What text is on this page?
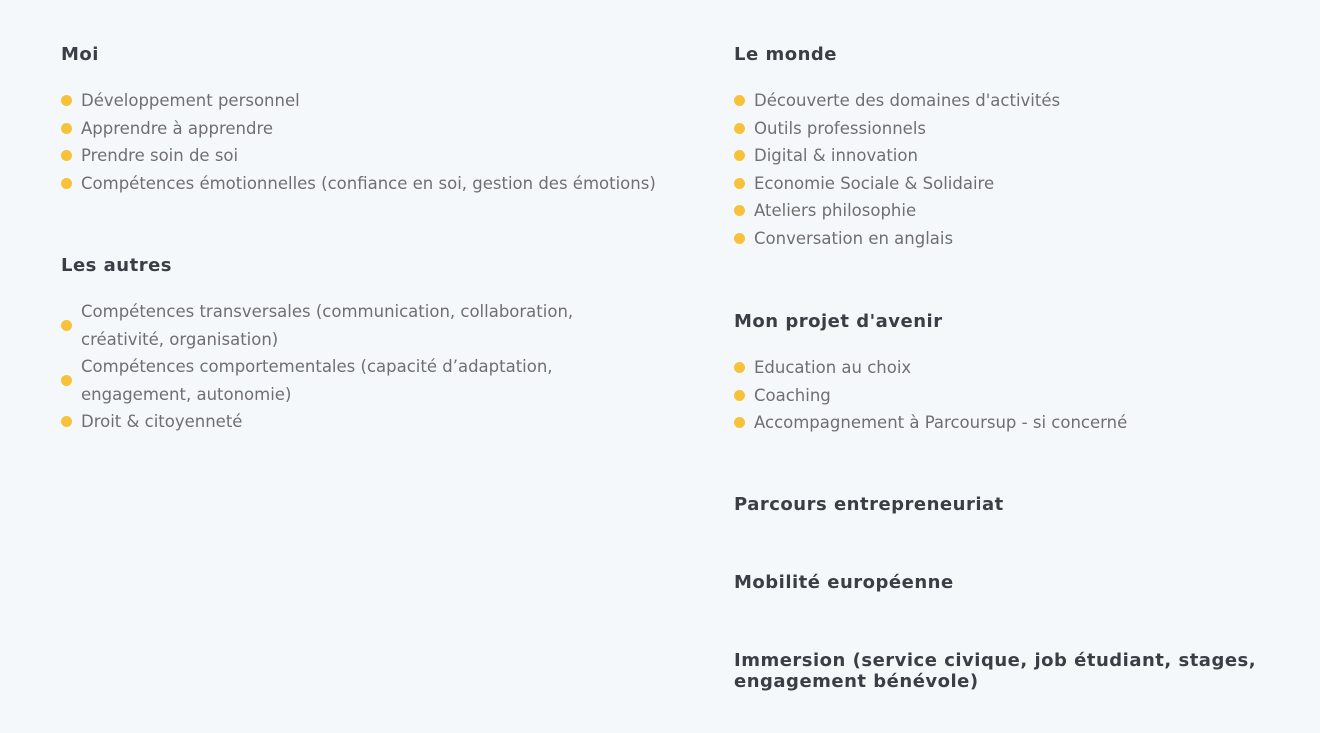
Moi
Développement personnel
Apprendre à apprendre
Prendre soin de soi
Compétences émotionnelles (confiance en soi, gestion des émotions)
Les autres
Compétences transversales (communication, collaboration, créativité, organisation)
Compétences comportementales (capacité d’adaptation, engagement, autonomie)
Droit & citoyenneté
Le monde
Découverte des domaines d'activités
Outils professionnels
Digital & innovation
Economie Sociale & Solidaire
Ateliers philosophie
Conversation en anglais
Mon projet d'avenir
Education au choix
Coaching
Accompagnement à Parcoursup - si concerné
Parcours entrepreneuriat
Mobilité européenne
Immersion (service civique, job étudiant, stages, engagement bénévole)
